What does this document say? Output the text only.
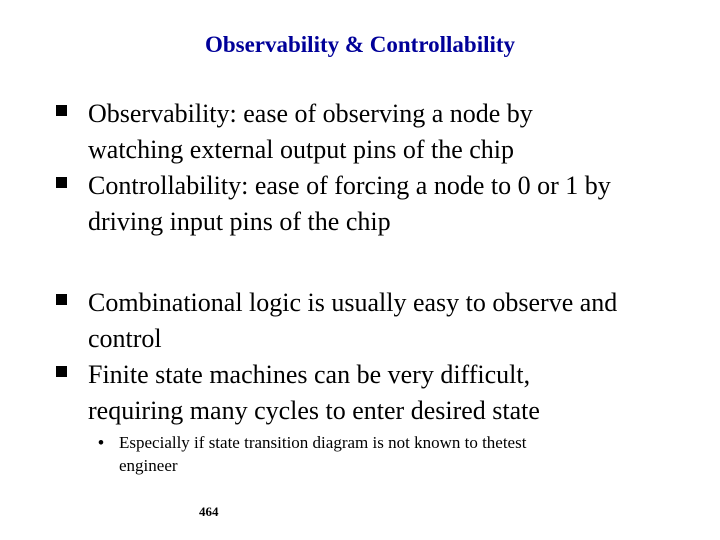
Observability & Controllability
Observability: ease of observing a node by
watching external output pins of the chip
Controllability: ease of forcing a node to 0 or 1 by
driving input pins of the chip
Combinational logic is usually easy to observe and
control
Finite state machines can be very difficult,
requiring many cycles to enter desired state
• Especially if state transition diagram is not known to thetest
engineer
464
